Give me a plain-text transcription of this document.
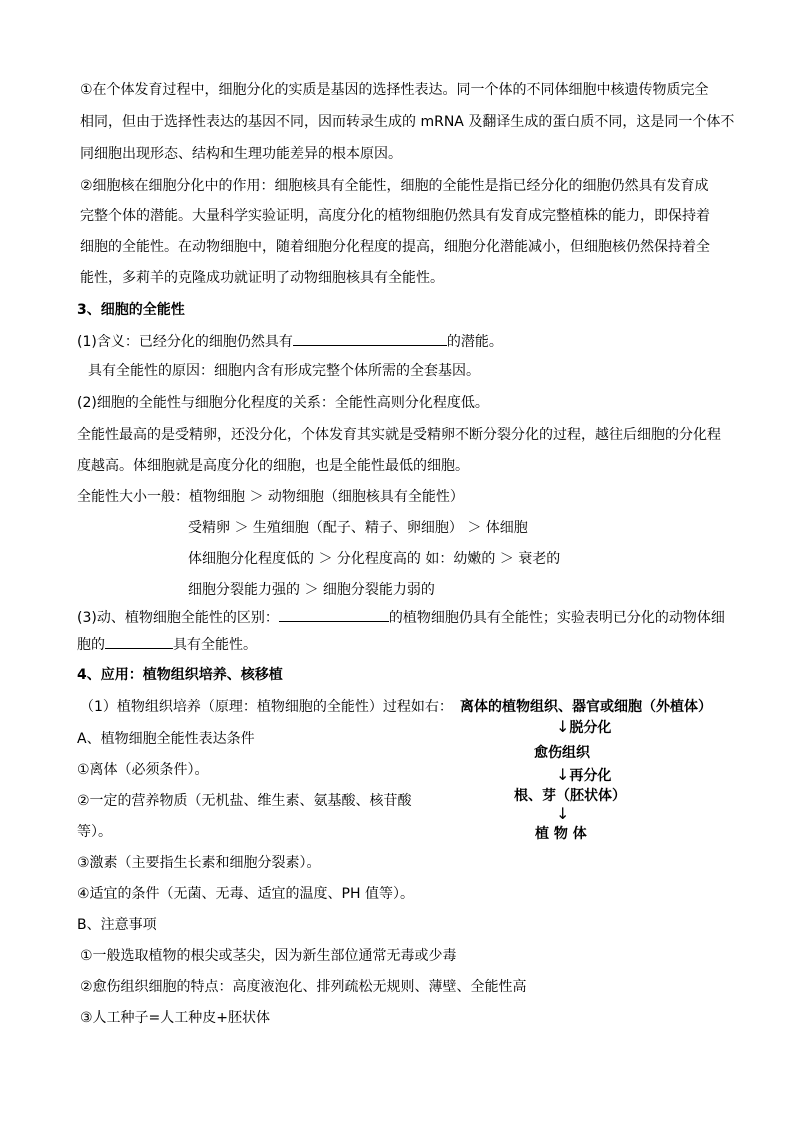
①在个体发育过程中，细胞分化的实质是基因的选择性表达。同一个体的不同体细胞中核遗传物质完全
相同，但由于选择性表达的基因不同，因而转录生成的 mRNA 及翻译生成的蛋白质不同，这是同一个体不
同细胞出现形态、结构和生理功能差异的根本原因。
②细胞核在细胞分化中的作用：细胞核具有全能性，细胞的全能性是指已经分化的细胞仍然具有发育成
完整个体的潜能。大量科学实验证明，高度分化的植物细胞仍然具有发育成完整植株的能力，即保持着
细胞的全能性。在动物细胞中，随着细胞分化程度的提高，细胞分化潜能减小，但细胞核仍然保持着全
能性，多莉羊的克隆成功就证明了动物细胞核具有全能性。
3、细胞的全能性
(1)含义：已经分化的细胞仍然具有	的潜能。
具有全能性的原因：细胞内含有形成完整个体所需的全套基因。
(2)细胞的全能性与细胞分化程度的关系：全能性高则分化程度低。
全能性最高的是受精卵，还没分化，个体发育其实就是受精卵不断分裂分化的过程，越往后细胞的分化程
度越高。体细胞就是高度分化的细胞，也是全能性最低的细胞。
全能性大小一般：植物细胞 ＞ 动物细胞（细胞核具有全能性）
受精卵 ＞ 生殖细胞（配子、精子、卵细胞） ＞ 体细胞
体细胞分化程度低的 ＞ 分化程度高的 如：幼嫩的 ＞ 衰老的
细胞分裂能力强的 ＞ 细胞分裂能力弱的
(3)动、植物细胞全能性的区别：	的植物细胞仍具有全能性；实验表明已分化的动物体细
胞的	具有全能性。
4、应用：植物组织培养、核移植
（1）植物组织培养（原理：植物细胞的全能性）过程如右：
A、植物细胞全能性表达条件
①离体（必须条件）。
②一定的营养物质（无机盐、维生素、氨基酸、核苷酸
等）。
③激素（主要指生长素和细胞分裂素）。
④适宜的条件（无菌、无毒、适宜的温度、PH 值等）。
B、注意事项
①一般选取植物的根尖或茎尖，因为新生部位通常无毒或少毒
②愈伤组织细胞的特点：高度液泡化、排列疏松无规则、薄壁、全能性高
③人工种子=人工种皮+胚状体
离体的植物组织、器官或细胞（外植体）
↓脱分化
愈伤组织
↓再分化
根、芽（胚状体）
↓
植 物 体
